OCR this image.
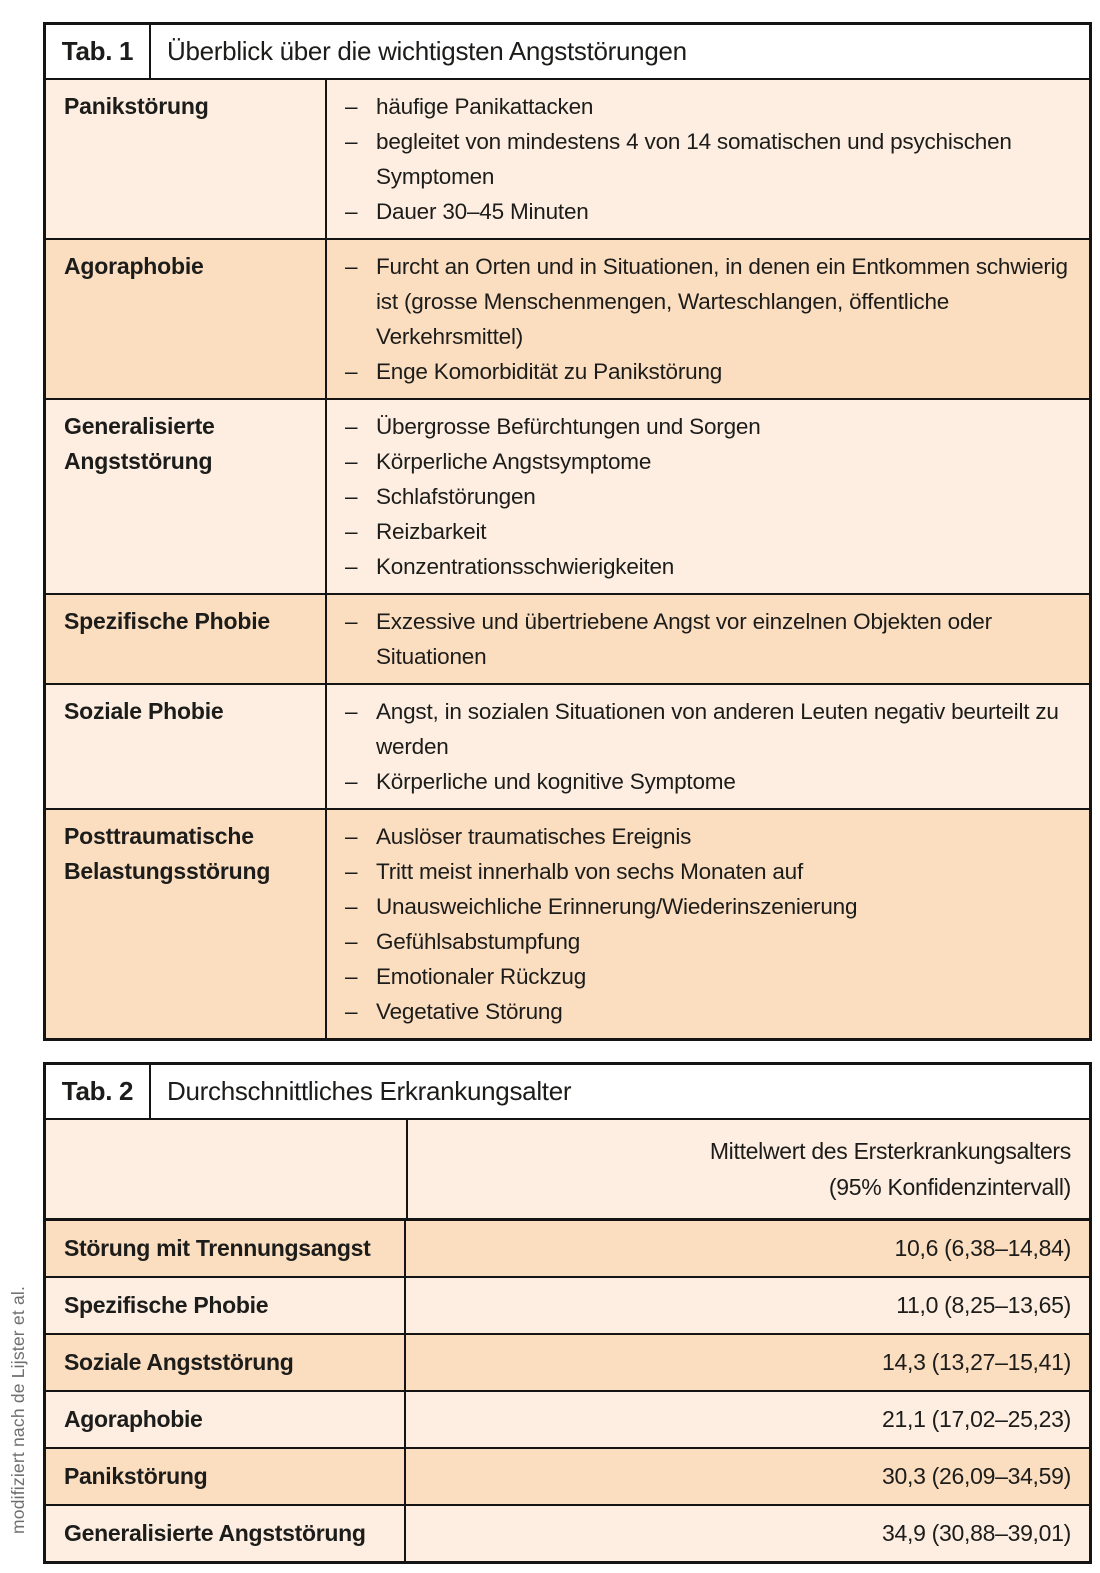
modifiziert nach de Lijster et al.
Tab. 1	Überblick über die wichtigsten Angststörungen
Panikstörung	– häufige Panikattacken
– begleitet von mindestens 4 von 14 somatischen und psychischen Symptomen
– Dauer 30–45 Minuten
Agoraphobie	– Furcht an Orten und in Situationen, in denen ein Entkommen schwierig ist (grosse Menschenmengen, Warteschlangen, öffentliche Verkehrsmittel)
– Enge Komorbidität zu Panikstörung
Generalisierte Angststörung
– Übergrosse Befürchtungen und Sorgen
– Körperliche Angstsymptome
– Schlafstörungen
– Reizbarkeit
– Konzentrationsschwierigkeiten
Spezifische Phobie	– Exzessive und übertriebene Angst vor einzelnen Objekten oder Situationen
Soziale Phobie	– Angst, in sozialen Situationen von anderen Leuten negativ beurteilt zu werden
– Körperliche und kognitive Symptome
Posttraumatische Belastungsstörung
– Auslöser traumatisches Ereignis
– Tritt meist innerhalb von sechs Monaten auf
– Unausweichliche Erinnerung/Wiederinszenierung
– Gefühlsabstumpfung
– Emotionaler Rückzug
– Vegetative Störung
Tab. 2	Durchschnittliches Erkrankungsalter
Mittelwert des Ersterkrankungsalters
(95% Konfidenzintervall)
Störung mit Trennungsangst	10,6 (6,38–14,84)
Spezifische Phobie	11,0 (8,25–13,65)
Soziale Angststörung	14,3 (13,27–15,41)
Agoraphobie	21,1 (17,02–25,23)
Panikstörung	30,3 (26,09–34,59)
Generalisierte Angststörung	34,9 (30,88–39,01)
